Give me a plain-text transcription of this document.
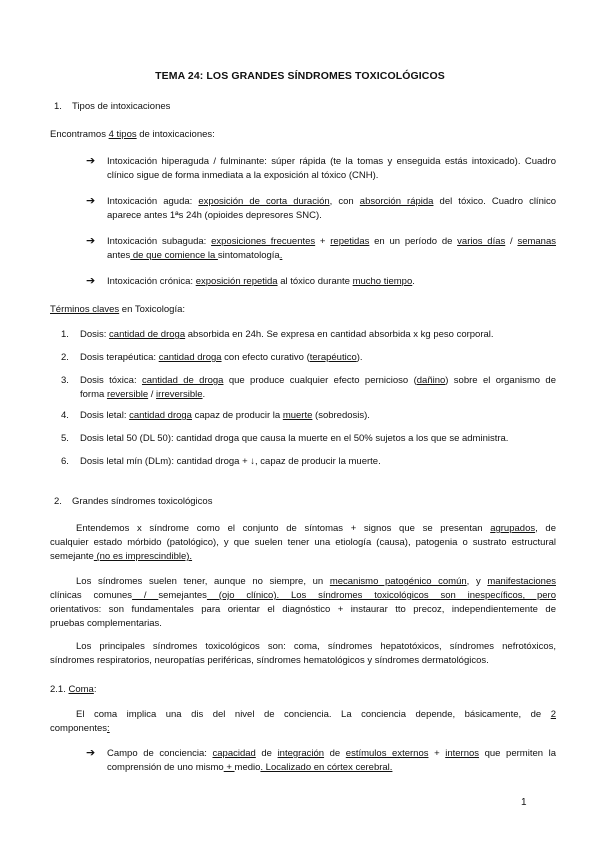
TEMA 24: LOS GRANDES SÍNDROMES TOXICOLÓGICOS
1. Tipos de intoxicaciones
Encontramos 4 tipos de intoxicaciones:
➔ Intoxicación hiperaguda / fulminante: súper rápida (te la tomas y enseguida estás intoxicado). Cuadro
clínico sigue de forma inmediata a la exposición al tóxico (CNH).
➔ Intoxicación aguda: exposición de corta duración, con absorción rápida del tóxico. Cuadro clínico
aparece antes 1ªs 24h (opioides depresores SNC).
➔ Intoxicación subaguda: exposiciones frecuentes + repetidas en un período de varios días / semanas
antes de que comience la sintomatología.
➔ Intoxicación crónica: exposición repetida al tóxico durante mucho tiempo.
Términos claves en Toxicología:
1. Dosis: cantidad de droga absorbida en 24h. Se expresa en cantidad absorbida x kg peso corporal.
2. Dosis terapéutica: cantidad droga con efecto curativo (terapéutico).
3. Dosis tóxica: cantidad de droga que produce cualquier efecto pernicioso (dañino) sobre el organismo de
forma reversible / irreversible.
4. Dosis letal: cantidad droga capaz de producir la muerte (sobredosis).
5. Dosis letal 50 (DL 50): cantidad droga que causa la muerte en el 50% sujetos a los que se administra.
6. Dosis letal mín (DLm): cantidad droga + ↓, capaz de producir la muerte.
2. Grandes síndromes toxicológicos
Entendemos x síndrome como el conjunto de síntomas + signos que se presentan agrupados, de
cualquier estado mórbido (patológico), y que suelen tener una etiología (causa), patogenia o sustrato estructural
semejante (no es imprescindible).
Los síndromes suelen tener, aunque no siempre, un mecanismo patogénico común, y manifestaciones
clínicas comunes / semejantes (ojo clínico). Los síndromes toxicológicos son inespecíficos, pero
orientativos: son fundamentales para orientar el diagnóstico + instaurar tto precoz, independientemente de
pruebas complementarias.
Los principales síndromes toxicológicos son: coma, síndromes hepatotóxicos, síndromes nefrotóxicos,
síndromes respiratorios, neuropatías periféricas, síndromes hematológicos y síndromes dermatológicos.
El coma implica una dis del nivel de conciencia. La conciencia depende, básicamente, de 2
componentes:
➔ Campo de conciencia: capacidad de integración de estímulos externos + internos que permiten la
comprensión de uno mismo + medio. Localizado en córtex cerebral.
2.1. Coma:
1
